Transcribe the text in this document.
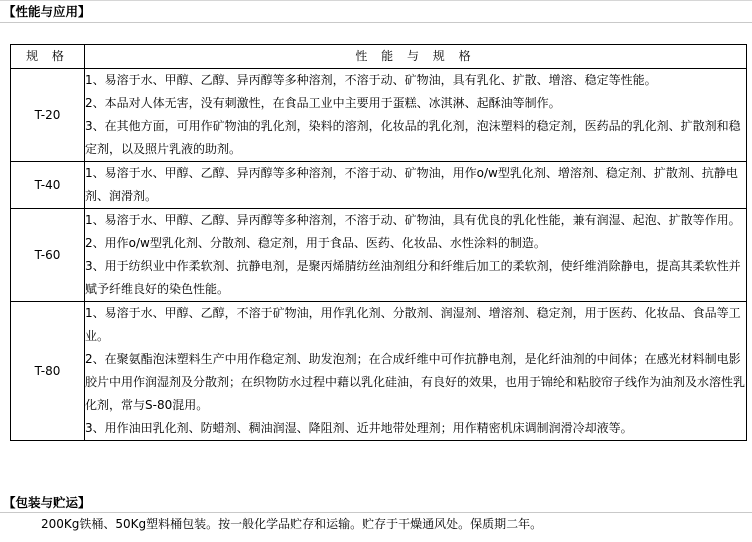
【性能与应用】
规 格	性 能 与 规 格
T-20	1、易溶于水、甲醇、乙醇、异丙醇等多种溶剂，不溶于动、矿物油，具有乳化、扩散、增溶、稳定等性能。

2、本品对人体无害，没有刺激性，在食品工业中主要用于蛋糕、冰淇淋、起酥油等制作。

3、在其他方面，可用作矿物油的乳化剂，染料的溶剂，化妆品的乳化剂，泡沫塑料的稳定剂，医药品的乳化剂、扩散剂和稳定剂，以及照片乳液的助剂。

T-40	1、易溶于水、甲醇、乙醇、异丙醇等多种溶剂，不溶于动、矿物油，用作o/w型乳化剂、增溶剂、稳定剂、扩散剂、抗静电剂、润滑剂。

T-60	1、易溶于水、甲醇、乙醇、异丙醇等多种溶剂，不溶于动、矿物油，具有优良的乳化性能，兼有润湿、起泡、扩散等作用。

2、用作o/w型乳化剂、分散剂、稳定剂，用于食品、医药、化妆品、水性涂料的制造。

3、用于纺织业中作柔软剂、抗静电剂，是聚丙烯腈纺丝油剂组分和纤维后加工的柔软剂，使纤维消除静电，提高其柔软性并赋予纤维良好的染色性能。

T-80	1、易溶于水、甲醇、乙醇，不溶于矿物油，用作乳化剂、分散剂、润湿剂、增溶剂、稳定剂，用于医药、化妆品、食品等工业。

2、在聚氨酯泡沫塑料生产中用作稳定剂、助发泡剂；在合成纤维中可作抗静电剂，是化纤油剂的中间体；在感光材料制电影胶片中用作润湿剂及分散剂；在织物防水过程中藉以乳化硅油，有良好的效果，也用于锦纶和粘胶帘子线作为油剂及水溶性乳化剂，常与S-80混用。

3、用作油田乳化剂、防蜡剂、稠油润湿、降阻剂、近井地带处理剂；用作精密机床调制润滑冷却液等。

【包装与贮运】
200Kg铁桶、50Kg塑料桶包装。按一般化学品贮存和运输。贮存于干燥通风处。保质期二年。
